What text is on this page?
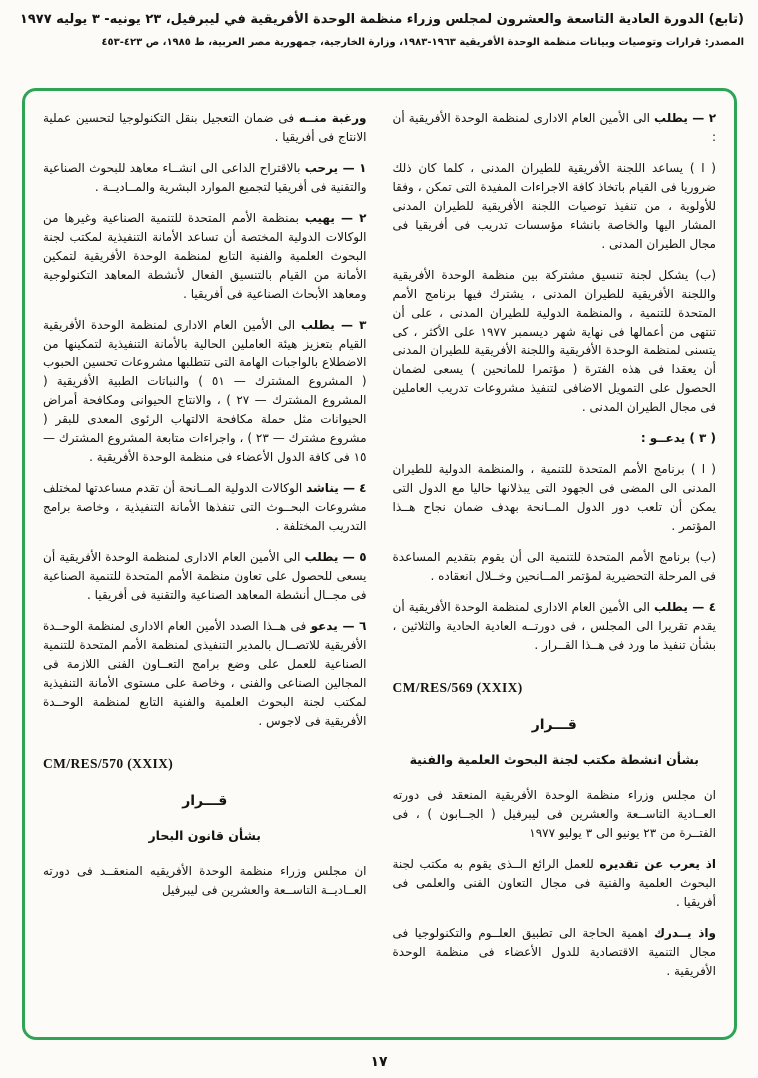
(تابع) الدورة العادية التاسعة والعشرون لمجلس وزراء منظمة الوحدة الأفريقية في ليبرفيل، ٢٣ يونيه- ٣ يوليه ١٩٧٧
المصدر: قرارات وتوصيات وبيانات منظمة الوحدة الأفريقية ١٩٦٣-١٩٨٣، وزارة الخارجية، جمهورية مصر العربية، ط ١٩٨٥، ص ٤٢٣-٤٥٣
٢ — يطلب الى الأمين العام الادارى لمنظمة الوحدة الأفريقية أن :
( ا ) يساعد اللجنة الأفريقية للطيران المدنى ، كلما كان ذلك ضروريا فى القيام باتخاذ كافة الاجراءات المفيدة التى تمكن ، وفقا للأولوية ، من تنفيذ توصيات اللجنة الأفريقية للطيران المدنى المشار اليها والخاصة بانشاء مؤسسات تدريب فى أفريقيا فى مجال الطيران المدنى .
(ب) يشكل لجنة تنسيق مشتركة بين منظمة الوحدة الأفريقية واللجنة الأفريقية للطيران المدنى ، يشترك فيها برنامج الأمم المتحدة للتنمية ، والمنظمة الدولية للطيران المدنى ، على أن تنتهى من أعمالها فى نهاية شهر ديسمبر ١٩٧٧ على الأكثر ، كى يتسنى لمنظمة الوحدة الأفريقية واللجنة الأفريقية للطيران المدنى أن يعقدا فى هذه الفترة ( مؤتمرا للمانحين ) يسعى لضمان الحصول على التمويل الاضافى لتنفيذ مشروعات تدريب العاملين فى مجال الطيران المدنى .
( ٣ ) يدعــو :
( ا ) برنامج الأمم المتحدة للتنمية ، والمنظمة الدولية للطيران المدنى الى المضى فى الجهود التى يبذلانها حاليا مع الدول التى يمكن أن تلعب دور الدول المــانحة بهدف ضمان نجاح هــذا المؤتمر .
(ب) برنامج الأمم المتحدة للتنمية الى أن يقوم بتقديم المساعدة فى المرحلة التحضيرية لمؤتمر المــانحين وخــلال انعقاده .
٤ — يطلب الى الأمين العام الادارى لمنظمة الوحدة الأفريقية أن يقدم تقريرا الى المجلس ، فى دورتــه العادية الحادية والثلاثين ، بشأن تنفيذ ما ورد فى هــذا القــرار .
CM/RES/569 (XXIX)
قـــرار
بشأن انشطة مكتب لجنة البحوث العلمية والفنية
ان مجلس وزراء منظمة الوحدة الأفريقية المنعقد فى دورته العــادية التاســعة والعشرين فى ليبرفيل ( الجــابون ) ، فى الفتــرة من ٢٣ يونيو الى ٣ يوليو ١٩٧٧
اذ يعرب عن تقديره للعمل الرائع الــذى يقوم به مكتب لجنة البحوث العلمية والفنية فى مجال التعاون الفنى والعلمى فى أفريقيا .
واذ يــدرك اهمية الحاجة الى تطبيق العلــوم والتكنولوجيا فى مجال التنمية الاقتصادية للدول الأعضاء فى منظمة الوحدة الأفريقية .
ورغبة منــه فى ضمان التعجيل بنقل التكنولوجيا لتحسين عملية الانتاج فى أفريقيا .
١ — يرحب بالاقتراح الداعى الى انشــاء معاهد للبحوث الصناعية والتقنية فى أفريقيا لتجميع الموارد البشرية والمــاديــة .
٢ — يهيب بمنظمة الأمم المتحدة للتنمية الصناعية وغيرها من الوكالات الدولية المختصة أن تساعد الأمانة التنفيذية لمكتب لجنة البحوث العلمية والفنية التابع لمنظمة الوحدة الأفريقية لتمكين الأمانة من القيام بالتنسيق الفعال لأنشطة المعاهد التكنولوجية ومعاهد الأبحاث الصناعية فى أفريقيا .
٣ — يطلب الى الأمين العام الادارى لمنظمة الوحدة الأفريقية القيام بتعزيز هيئة العاملين الحالية بالأمانة التنفيذية لتمكينها من الاضطلاع بالواجبات الهامة التى تتطلبها مشروعات تحسين الحبوب ( المشروع المشترك — ٥١ ) والنباتات الطبية الأفريقية ( المشروع المشترك — ٢٧ ) ، والانتاج الحيوانى ومكافحة أمراض الحيوانات مثل حملة مكافحة الالتهاب الرئوى المعدى للبقر ( مشروع مشترك — ٢٣ ) ، واجراءات متابعة المشروع المشترك — ١٥ فى كافة الدول الأعضاء فى منظمة الوحدة الأفريقية .
٤ — يناشد الوكالات الدولية المــانحة أن تقدم مساعدتها لمختلف مشروعات البحــوث التى تنفذها الأمانة التنفيذية ، وخاصة برامج التدريب المختلفة .
٥ — يطلب الى الأمين العام الادارى لمنظمة الوحدة الأفريقية أن يسعى للحصول على تعاون منظمة الأمم المتحدة للتنمية الصناعية فى مجــال أنشطة المعاهد الصناعية والتقنية فى أفريقيا .
٦ — يدعو فى هــذا الصدد الأمين العام الادارى لمنظمة الوحــدة الأفريقية للاتصــال بالمدير التنفيذى لمنظمة الأمم المتحدة للتنمية الصناعية للعمل على وضع برامج التعــاون الفنى اللازمة فى المجالين الصناعى والفنى ، وخاصة على مستوى الأمانة التنفيذية لمكتب لجنة البحوث العلمية والفنية التابع لمنظمة الوحــدة الأفريقية فى لاجوس .
CM/RES/570 (XXIX)
قـــرار
بشأن قانون البحار
ان مجلس وزراء منظمة الوحدة الأفريقيه المنعقــد فى دورته العــاديــة التاســعة والعشرين فى ليبرفيل
١٧
